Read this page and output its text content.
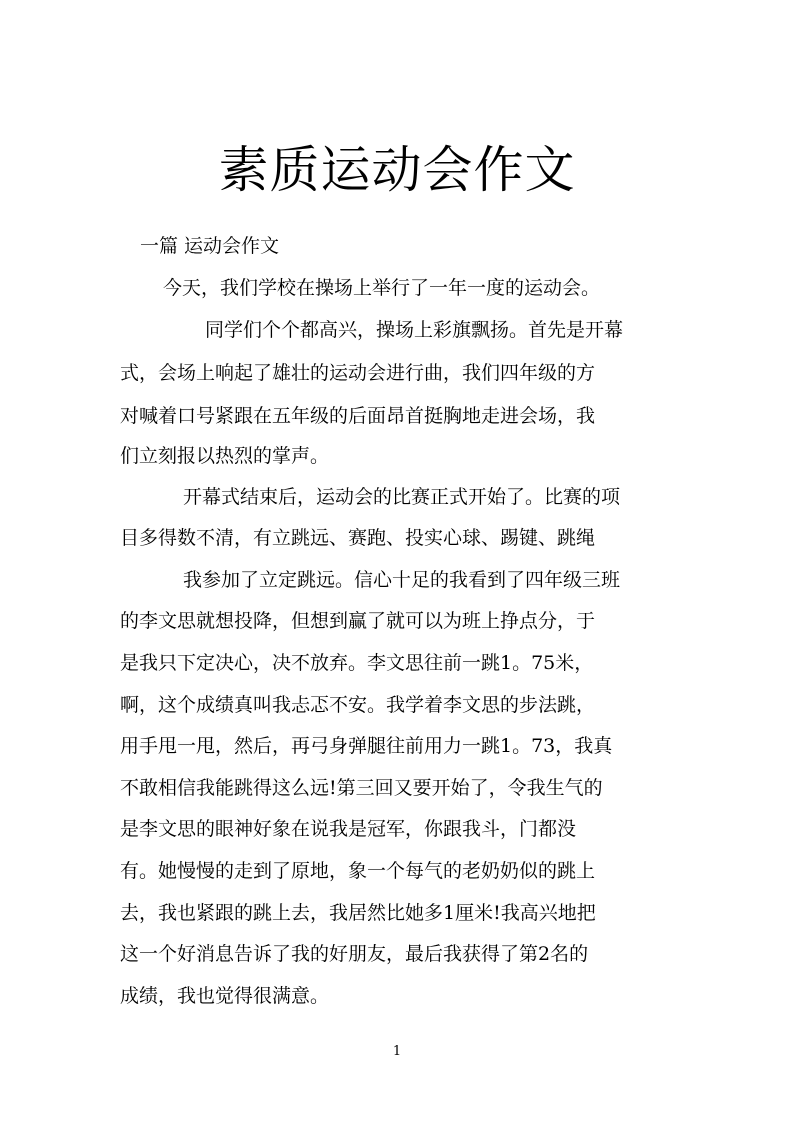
素质运动会作文
一篇 运动会作文
今天，我们学校在操场上举行了一年一度的运动会。
同学们个个都高兴，操场上彩旗飘扬。首先是开幕
式，会场上响起了雄壮的运动会进行曲，我们四年级的方
对喊着口号紧跟在五年级的后面昂首挺胸地走进会场，我
们立刻报以热烈的掌声。
开幕式结束后，运动会的比赛正式开始了。比赛的项
目多得数不清，有立跳远、赛跑、投实心球、踢键、跳绳
我参加了立定跳远。信心十足的我看到了四年级三班
的李文思就想投降，但想到赢了就可以为班上挣点分，于
是我只下定决心，决不放弃。李文思往前一跳1。75米，
啊，这个成绩真叫我忐忑不安。我学着李文思的步法跳，
用手甩一甩，然后，再弓身弹腿往前用力一跳1。73，我真
不敢相信我能跳得这么远!第三回又要开始了，令我生气的
是李文思的眼神好象在说我是冠军，你跟我斗，门都没
有。她慢慢的走到了原地，象一个每气的老奶奶似的跳上
去，我也紧跟的跳上去，我居然比她多1厘米!我高兴地把
这一个好消息告诉了我的好朋友，最后我获得了第2名的
成绩，我也觉得很满意。
1
